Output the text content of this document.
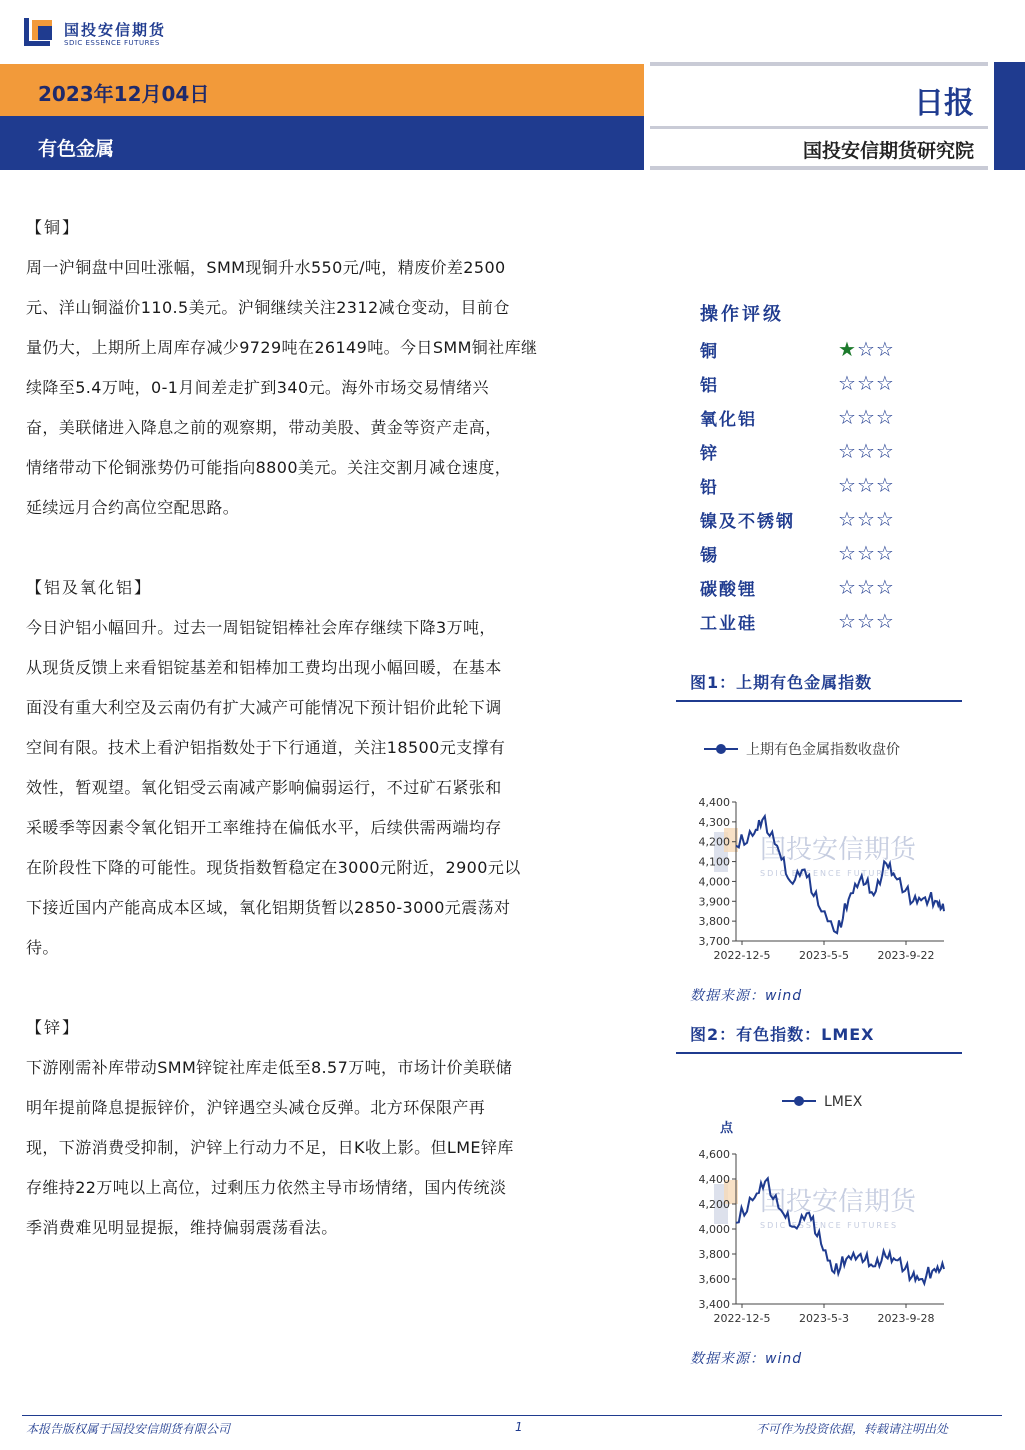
国投安信期货
SDIC ESSENCE FUTURES
2023年12月04日
有色金属
日报
国投安信期货研究院
【铜】
周一沪铜盘中回吐涨幅，SMM现铜升水550元/吨，精废价差2500
元、洋山铜溢价110.5美元。沪铜继续关注2312减仓变动，目前仓
量仍大，上期所上周库存减少9729吨在26149吨。今日SMM铜社库继
续降至5.4万吨，0-1月间差走扩到340元。海外市场交易情绪兴
奋，美联储进入降息之前的观察期，带动美股、黄金等资产走高，
情绪带动下伦铜涨势仍可能指向8800美元。关注交割月减仓速度，
延续远月合约高位空配思路。
【铝及氧化铝】
今日沪铝小幅回升。过去一周铝锭铝棒社会库存继续下降3万吨，
从现货反馈上来看铝锭基差和铝棒加工费均出现小幅回暖，在基本
面没有重大利空及云南仍有扩大减产可能情况下预计铝价此轮下调
空间有限。技术上看沪铝指数处于下行通道，关注18500元支撑有
效性，暂观望。氧化铝受云南减产影响偏弱运行，不过矿石紧张和
采暖季等因素令氧化铝开工率维持在偏低水平，后续供需两端均存
在阶段性下降的可能性。现货指数暂稳定在3000元附近，2900元以
下接近国内产能高成本区域，氧化铝期货暂以2850-3000元震荡对
待。
【锌】
下游刚需补库带动SMM锌锭社库走低至8.57万吨，市场计价美联储
明年提前降息提振锌价，沪锌遇空头减仓反弹。北方环保限产再
现，下游消费受抑制，沪锌上行动力不足，日K收上影。但LME锌库
存维持22万吨以上高位，过剩压力依然主导市场情绪，国内传统淡
季消费难见明显提振，维持偏弱震荡看法。
操作评级
铜	★☆☆
铝	☆☆☆
氧化铝	☆☆☆
锌	☆☆☆
铅	☆☆☆
镍及不锈钢	☆☆☆
锡	☆☆☆
碳酸锂	☆☆☆
工业硅	☆☆☆
图1：上期有色金属指数
国投安信期货
SDIC ESSENCE FUTURES
上期有色金属指数收盘价
4,400
4,300
4,200
4,100
4,000
3,900
3,800
3,700
2022-12-5	2023-5-5	2023-9-22
数据来源：wind
图2：有色指数：LMEX
国投安信期货
SDIC ESSENCE FUTURES
LMEX
点
4,600
4,400
4,200
4,000
3,800
3,600
3,400
2022-12-5	2023-5-3	2023-9-28
数据来源：wind
本报告版权属于国投安信期货有限公司	1	不可作为投资依据，转载请注明出处
